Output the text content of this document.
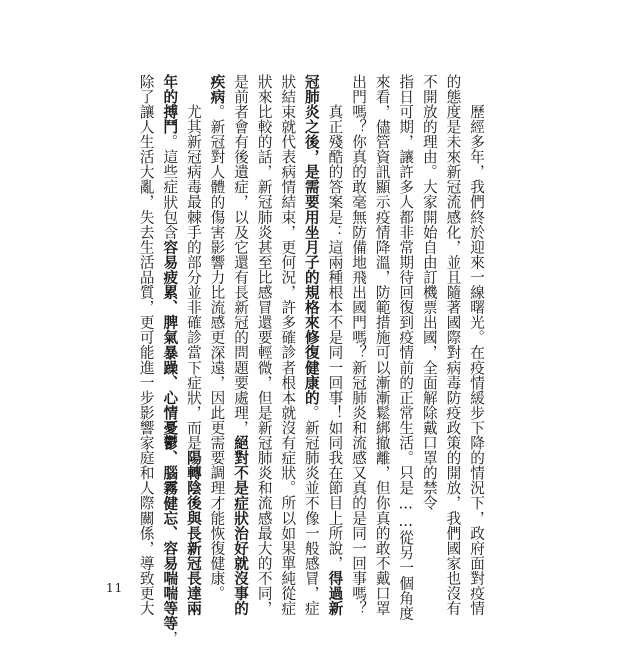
　　歷經多年，我們終於迎來一線曙光。在疫情緩步下降的情況下，政府面對疫情
的態度是未來新冠流感化，並且隨著國際對病毒防疫政策的開放，我們國家也沒有
不開放的理由。大家開始自由訂機票出國，全面解除戴口罩的禁令
指日可期，讓許多人都非常期待回復到疫情前的正常生活。只是……從另一個角度
來看，儘管資訊顯示疫情降溫，防範措施可以漸漸鬆綁撤離，但你真的敢不戴口罩
出門嗎？你真的敢毫無防備地飛出國門嗎？新冠肺炎和流感又真的是同一回事嗎？
　　真正殘酷的答案是：這兩種根本不是同一回事！如同我在節目上所說，得過新
冠肺炎之後，是需要用坐月子的規格來修復健康的。新冠肺炎並不像一般感冒，症
狀結束就代表病情結束，更何況，許多確診者根本就沒有症狀。所以如果單純從症
狀來比較的話，新冠肺炎甚至比感冒還要輕微，但是新冠肺炎和流感最大的不同，
是前者會有後遺症，以及它還有長新冠的問題要處理，絕對不是症狀治好就沒事的
疾病。新冠對人體的傷害影響力比流感更深遠，因此更需要調理才能恢復健康。
　　尤其新冠病毒最棘手的部分並非確診當下症狀，而是陽轉陰後與長新冠長達兩
年的搏鬥。這些症狀包含容易疲累、脾氣暴躁、心情憂鬱、腦霧健忘、容易喘喘等等，
除了讓人生活大亂，失去生活品質，更可能進一步影響家庭和人際關係，導致更大
11
